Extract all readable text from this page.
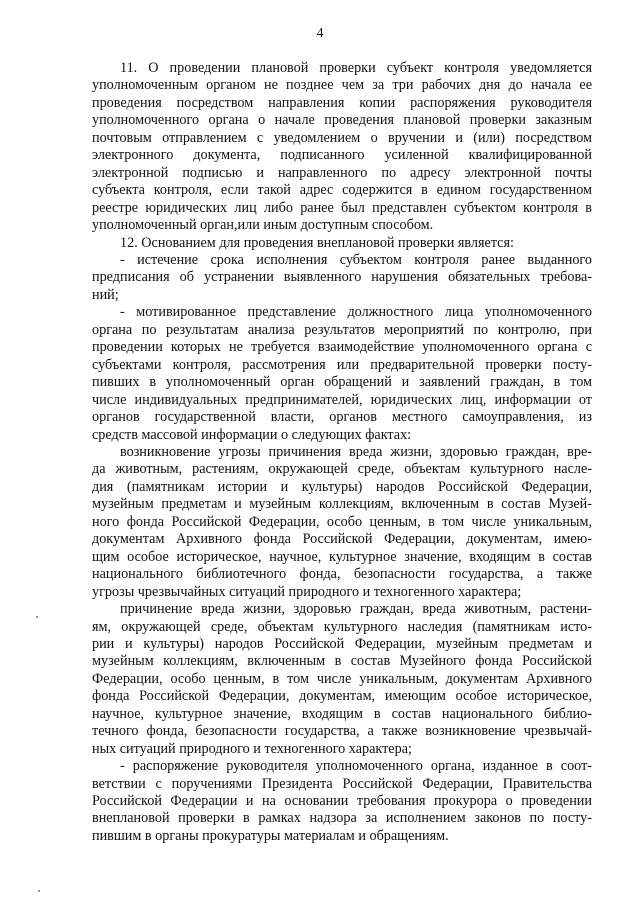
4
11. О проведении плановой проверки субъект контроля уведомляется
уполномоченным органом не позднее чем за три рабочих дня до начала ее
проведения посредством направления копии распоряжения руководителя
уполномоченного органа о начале проведения плановой проверки заказным
почтовым отправлением с уведомлением о вручении и (или) посредством
электронного документа, подписанного усиленной квалифицированной
электронной подписью и направленного по адресу электронной почты
субъекта контроля, если такой адрес содержится в едином государственном
реестре юридических лиц либо ранее был представлен субъектом контроля в
уполномоченный орган,или иным доступным способом.
12. Основанием для проведения внеплановой проверки является:
- истечение срока исполнения субъектом контроля ранее выданного
предписания об устранении выявленного нарушения обязательных требова-
ний;
- мотивированное представление должностного лица уполномоченного
органа по результатам анализа результатов мероприятий по контролю, при
проведении которых не требуется взаимодействие уполномоченного органа с
субъектами контроля, рассмотрения или предварительной проверки посту-
пивших в уполномоченный орган обращений и заявлений граждан, в том
числе индивидуальных предпринимателей, юридических лиц, информации от
органов государственной власти, органов местного самоуправления, из
средств массовой информации о следующих фактах:
возникновение угрозы причинения вреда жизни, здоровью граждан, вре-
да животным, растениям, окружающей среде, объектам культурного насле-
дия (памятникам истории и культуры) народов Российской Федерации,
музейным предметам и музейным коллекциям, включенным в состав Музей-
ного фонда Российской Федерации, особо ценным, в том числе уникальным,
документам Архивного фонда Российской Федерации, документам, имею-
щим особое историческое, научное, культурное значение, входящим в состав
национального библиотечного фонда, безопасности государства, а также
угрозы чрезвычайных ситуаций природного и техногенного характера;
причинение вреда жизни, здоровью граждан, вреда животным, растени-
ям, окружающей среде, объектам культурного наследия (памятникам исто-
рии и культуры) народов Российской Федерации, музейным предметам и
музейным коллекциям, включенным в состав Музейного фонда Российской
Федерации, особо ценным, в том числе уникальным, документам Архивного
фонда Российской Федерации, документам, имеющим особое историческое,
научное, культурное значение, входящим в состав национального библио-
течного фонда, безопасности государства, а также возникновение чрезвычай-
ных ситуаций природного и техногенного характера;
- распоряжение руководителя уполномоченного органа, изданное в соот-
ветствии с поручениями Президента Российской Федерации, Правительства
Российской Федерации и на основании требования прокурора о проведении
внеплановой проверки в рамках надзора за исполнением законов по посту-
пившим в органы прокуратуры материалам и обращениям.
